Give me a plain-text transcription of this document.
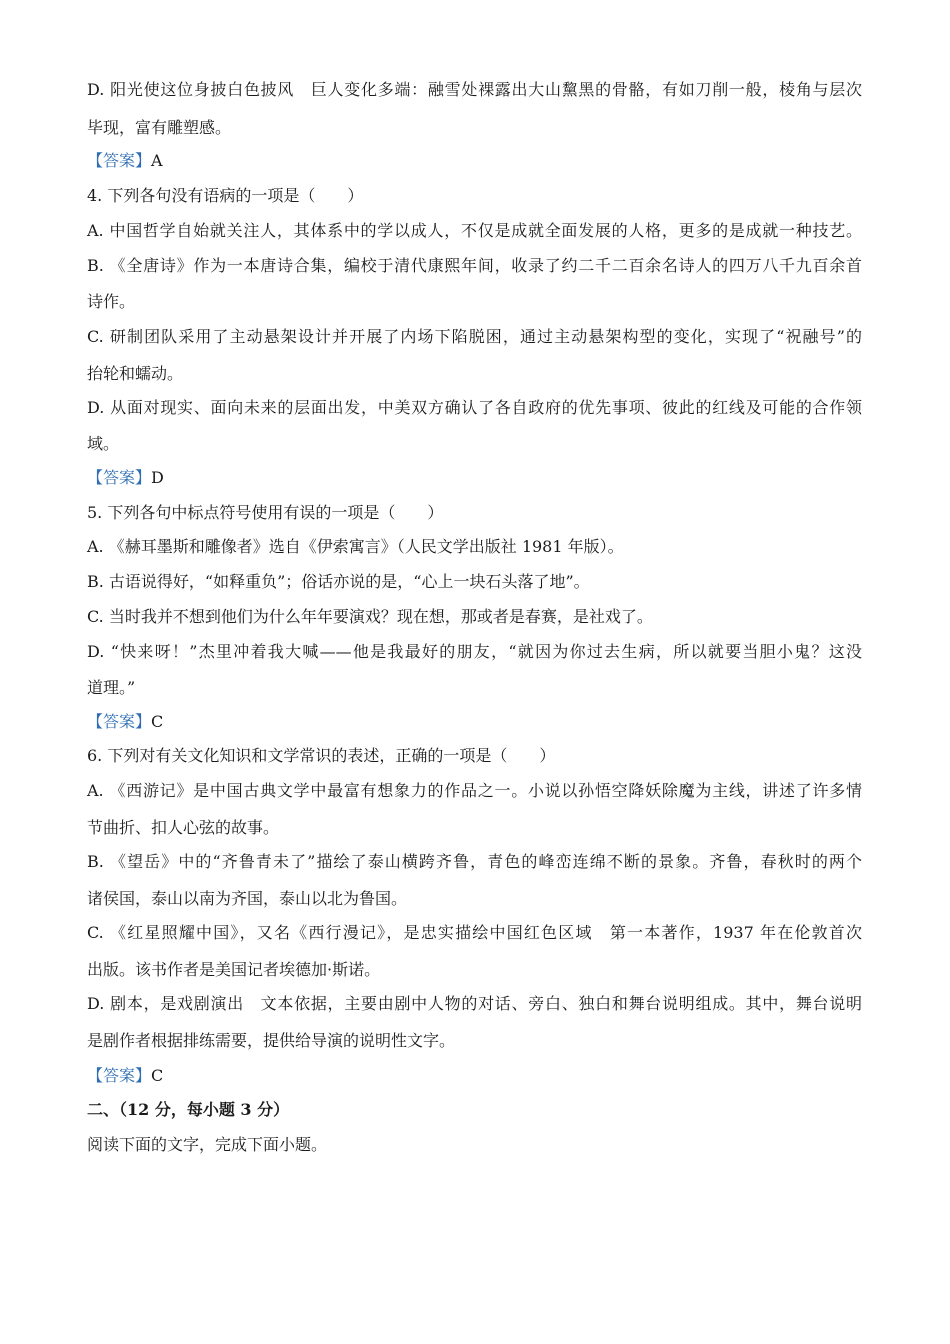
D. 阳光使这位身披白色披风　巨人变化多端：融雪处裸露出大山黧黑的骨骼，有如刀削一般，棱角与层次
毕现，富有雕塑感。
【答案】A
4. 下列各句没有语病的一项是（　　）
A. 中国哲学自始就关注人，其体系中的学以成人，不仅是成就全面发展的人格，更多的是成就一种技艺。
B. 《全唐诗》作为一本唐诗合集，编校于清代康熙年间，收录了约二千二百余名诗人的四万八千九百余首
诗作。
C. 研制团队采用了主动悬架设计并开展了内场下陷脱困，通过主动悬架构型的变化，实现了“祝融号”的
抬轮和蠕动。
D. 从面对现实、面向未来的层面出发，中美双方确认了各自政府的优先事项、彼此的红线及可能的合作领
域。
【答案】D
5. 下列各句中标点符号使用有误的一项是（　　）
A. 《赫耳墨斯和雕像者》选自《伊索寓言》（人民文学出版社 1981 年版）。
B. 古语说得好，“如释重负”；俗话亦说的是，“心上一块石头落了地”。
C. 当时我并不想到他们为什么年年要演戏？现在想，那或者是春赛，是社戏了。
D. “快来呀！”杰里冲着我大喊——他是我最好的朋友，“就因为你过去生病，所以就要当胆小鬼？这没
道理。”
【答案】C
6. 下列对有关文化知识和文学常识的表述，正确的一项是（　　）
A. 《西游记》是中国古典文学中最富有想象力的作品之一。小说以孙悟空降妖除魔为主线，讲述了许多情
节曲折、扣人心弦的故事。
B. 《望岳》中的“齐鲁青未了”描绘了泰山横跨齐鲁，青色的峰峦连绵不断的景象。齐鲁，春秋时的两个
诸侯国，泰山以南为齐国，泰山以北为鲁国。
C. 《红星照耀中国》，又名《西行漫记》，是忠实描绘中国红色区域　第一本著作，1937 年在伦敦首次
出版。该书作者是美国记者埃德加·斯诺。
D. 剧本，是戏剧演出　文本依据，主要由剧中人物的对话、旁白、独白和舞台说明组成。其中，舞台说明
是剧作者根据排练需要，提供给导演的说明性文字。
【答案】C
二、（12 分，每小题 3 分）
阅读下面的文字，完成下面小题。
